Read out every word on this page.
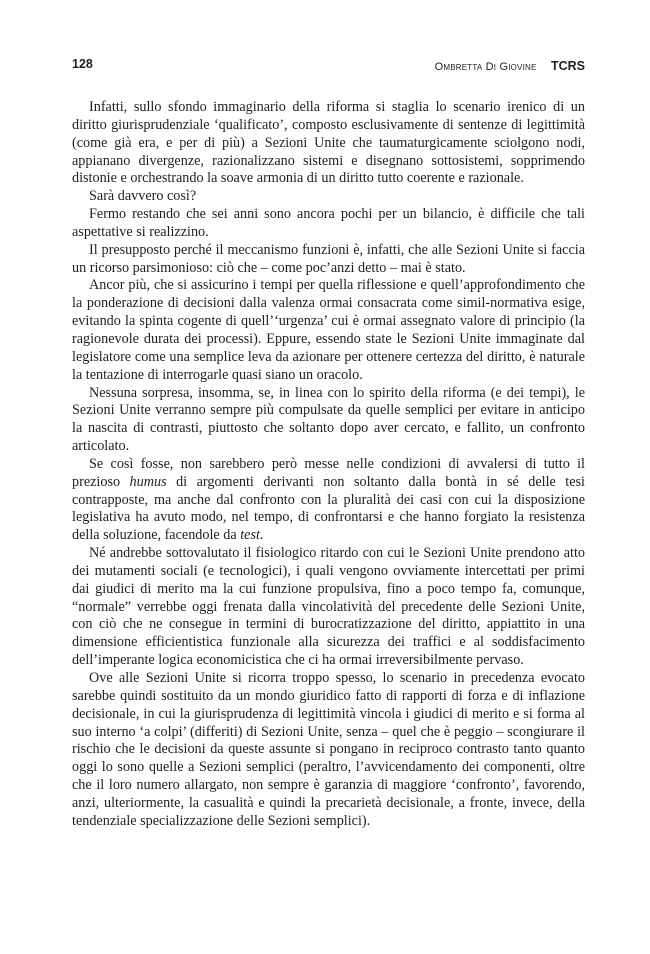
128	Ombretta Di Giovine TCRS

Infatti, sullo sfondo immaginario della riforma si staglia lo scenario irenico di un diritto giurisprudenziale ‘qualificato’, composto esclusivamente di sentenze di legittimità (come già era, e per di più) a Sezioni Unite che taumaturgicamente sciolgono nodi, appianano divergenze, razionalizzano sistemi e disegnano sottosistemi, sopprimendo distonie e orchestrando la soave armonia di un diritto tutto coerente e razionale.

Sarà davvero così?

Fermo restando che sei anni sono ancora pochi per un bilancio, è difficile che tali aspettative si realizzino.

Il presupposto perché il meccanismo funzioni è, infatti, che alle Sezioni Unite si faccia un ricorso parsimonioso: ciò che – come poc’anzi detto – mai è stato.

Ancor più, che si assicurino i tempi per quella riflessione e quell’approfondimento che la ponderazione di decisioni dalla valenza ormai consacrata come simil-normativa esige, evitando la spinta cogente di quell’‘urgenza’ cui è ormai assegnato valore di principio (la ragionevole durata dei processi). Eppure, essendo state le Sezioni Unite immaginate dal legislatore come una semplice leva da azionare per ottenere certezza del diritto, è naturale la tentazione di interrogarle quasi siano un oracolo.

Nessuna sorpresa, insomma, se, in linea con lo spirito della riforma (e dei tempi), le Sezioni Unite verranno sempre più compulsate da quelle semplici per evitare in anticipo la nascita di contrasti, piuttosto che soltanto dopo aver cercato, e fallito, un confronto articolato.

Se così fosse, non sarebbero però messe nelle condizioni di avvalersi di tutto il prezioso humus di argomenti derivanti non soltanto dalla bontà in sé delle tesi contrapposte, ma anche dal confronto con la pluralità dei casi con cui la disposizione legislativa ha avuto modo, nel tempo, di confrontarsi e che hanno forgiato la resistenza della soluzione, facendole da test.

Né andrebbe sottovalutato il fisiologico ritardo con cui le Sezioni Unite prendono atto dei mutamenti sociali (e tecnologici), i quali vengono ovviamente intercettati per primi dai giudici di merito ma la cui funzione propulsiva, fino a poco tempo fa, comunque, “normale” verrebbe oggi frenata dalla vincolatività del precedente delle Sezioni Unite, con ciò che ne consegue in termini di burocratizzazione del diritto, appiattito in una dimensione efficientistica funzionale alla sicurezza dei traffici e al soddisfacimento dell’imperante logica economicistica che ci ha ormai irreversibilmente pervaso.

Ove alle Sezioni Unite si ricorra troppo spesso, lo scenario in precedenza evocato sarebbe quindi sostituito da un mondo giuridico fatto di rapporti di forza e di inflazione decisionale, in cui la giurisprudenza di legittimità vincola i giudici di merito e si forma al suo interno ‘a colpi’ (differiti) di Sezioni Unite, senza – quel che è peggio – scongiurare il rischio che le decisioni da queste assunte si pongano in reciproco contrasto tanto quanto oggi lo sono quelle a Sezioni semplici (peraltro, l’avvicendamento dei componenti, oltre che il loro numero allargato, non sempre è garanzia di maggiore ‘confronto’, favorendo, anzi, ulteriormente, la casualità e quindi la precarietà decisionale, a fronte, invece, della tendenziale specializzazione delle Sezioni semplici).
